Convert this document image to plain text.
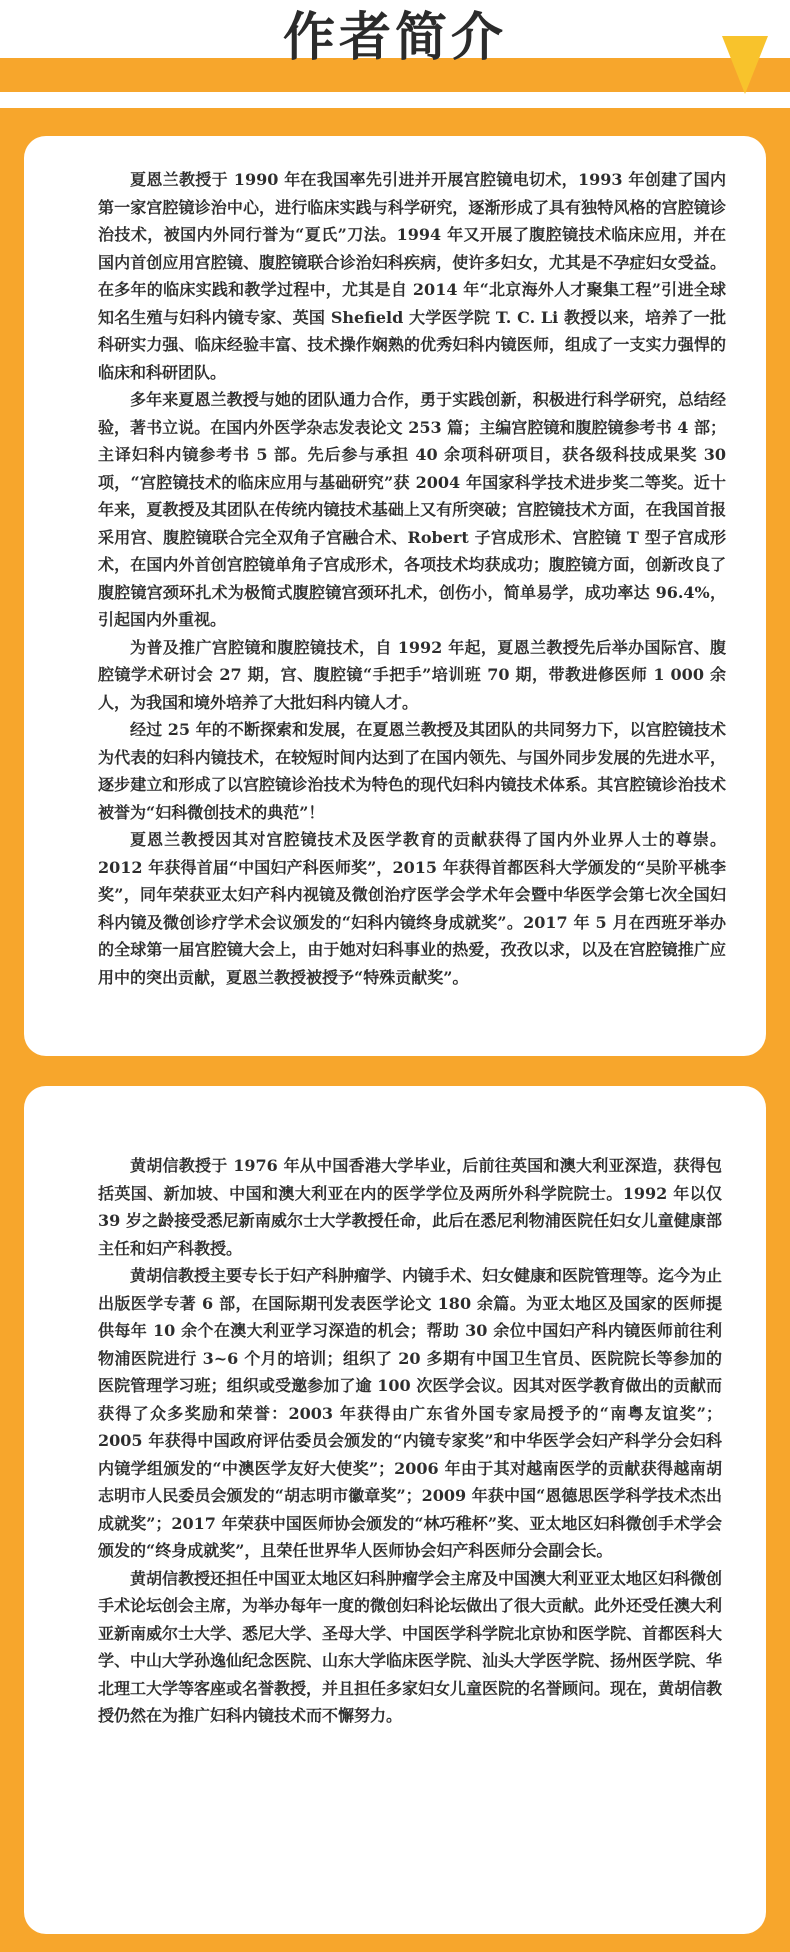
作者简介

夏恩兰教授于 1990 年在我国率先引进并开展宫腔镜电切术，1993 年创建了国内第一家宫腔镜诊治中心，进行临床实践与科学研究，逐渐形成了具有独特风格的宫腔镜诊治技术，被国内外同行誉为“夏氏”刀法。1994 年又开展了腹腔镜技术临床应用，并在国内首创应用宫腔镜、腹腔镜联合诊治妇科疾病，使许多妇女，尤其是不孕症妇女受益。在多年的临床实践和教学过程中，尤其是自 2014 年“北京海外人才聚集工程”引进全球知名生殖与妇科内镜专家、英国 Shefield 大学医学院 T. C. Li 教授以来，培养了一批科研实力强、临床经验丰富、技术操作娴熟的优秀妇科内镜医师，组成了一支实力强悍的临床和科研团队。

多年来夏恩兰教授与她的团队通力合作，勇于实践创新，积极进行科学研究，总结经验，著书立说。在国内外医学杂志发表论文 253 篇；主编宫腔镜和腹腔镜参考书 4 部；主译妇科内镜参考书 5 部。先后参与承担 40 余项科研项目，获各级科技成果奖 30 项，“宫腔镜技术的临床应用与基础研究”获 2004 年国家科学技术进步奖二等奖。近十年来，夏教授及其团队在传统内镜技术基础上又有所突破；宫腔镜技术方面，在我国首报采用宫、腹腔镜联合完全双角子宫融合术、Robert 子宫成形术、宫腔镜 T 型子宫成形术，在国内外首创宫腔镜单角子宫成形术，各项技术均获成功；腹腔镜方面，创新改良了腹腔镜宫颈环扎术为极简式腹腔镜宫颈环扎术，创伤小，简单易学，成功率达 96.4%，引起国内外重视。

为普及推广宫腔镜和腹腔镜技术，自 1992 年起，夏恩兰教授先后举办国际宫、腹腔镜学术研讨会 27 期，宫、腹腔镜“手把手”培训班 70 期，带教进修医师 1 000 余人，为我国和境外培养了大批妇科内镜人才。

经过 25 年的不断探索和发展，在夏恩兰教授及其团队的共同努力下，以宫腔镜技术为代表的妇科内镜技术，在较短时间内达到了在国内领先、与国外同步发展的先进水平，逐步建立和形成了以宫腔镜诊治技术为特色的现代妇科内镜技术体系。其宫腔镜诊治技术被誉为“妇科微创技术的典范”！

夏恩兰教授因其对宫腔镜技术及医学教育的贡献获得了国内外业界人士的尊崇。2012 年获得首届“中国妇产科医师奖”，2015 年获得首都医科大学颁发的“吴阶平桃李奖”，同年荣获亚太妇产科内视镜及微创治疗医学会学术年会暨中华医学会第七次全国妇科内镜及微创诊疗学术会议颁发的“妇科内镜终身成就奖”。2017 年 5 月在西班牙举办的全球第一届宫腔镜大会上，由于她对妇科事业的热爱，孜孜以求，以及在宫腔镜推广应用中的突出贡献，夏恩兰教授被授予“特殊贡献奖”。

黄胡信教授于 1976 年从中国香港大学毕业，后前往英国和澳大利亚深造，获得包括英国、新加坡、中国和澳大利亚在内的医学学位及两所外科学院院士。1992 年以仅 39 岁之龄接受悉尼新南威尔士大学教授任命，此后在悉尼利物浦医院任妇女儿童健康部主任和妇产科教授。

黄胡信教授主要专长于妇产科肿瘤学、内镜手术、妇女健康和医院管理等。迄今为止出版医学专著 6 部，在国际期刊发表医学论文 180 余篇。为亚太地区及国家的医师提供每年 10 余个在澳大利亚学习深造的机会；帮助 30 余位中国妇产科内镜医师前往利物浦医院进行 3~6 个月的培训；组织了 20 多期有中国卫生官员、医院院长等参加的医院管理学习班；组织或受邀参加了逾 100 次医学会议。因其对医学教育做出的贡献而获得了众多奖励和荣誉：2003 年获得由广东省外国专家局授予的“南粤友谊奖”；2005 年获得中国政府评估委员会颁发的“内镜专家奖”和中华医学会妇产科学分会妇科内镜学组颁发的“中澳医学友好大使奖”；2006 年由于其对越南医学的贡献获得越南胡志明市人民委员会颁发的“胡志明市徽章奖”；2009 年获中国“恩德思医学科学技术杰出成就奖”；2017 年荣获中国医师协会颁发的“林巧稚杯”奖、亚太地区妇科微创手术学会颁发的“终身成就奖”，且荣任世界华人医师协会妇产科医师分会副会长。

黄胡信教授还担任中国亚太地区妇科肿瘤学会主席及中国澳大利亚亚太地区妇科微创手术论坛创会主席，为举办每年一度的微创妇科论坛做出了很大贡献。此外还受任澳大利亚新南威尔士大学、悉尼大学、圣母大学、中国医学科学院北京协和医学院、首都医科大学、中山大学孙逸仙纪念医院、山东大学临床医学院、汕头大学医学院、扬州医学院、华北理工大学等客座或名誉教授，并且担任多家妇女儿童医院的名誉顾问。现在，黄胡信教授仍然在为推广妇科内镜技术而不懈努力。
